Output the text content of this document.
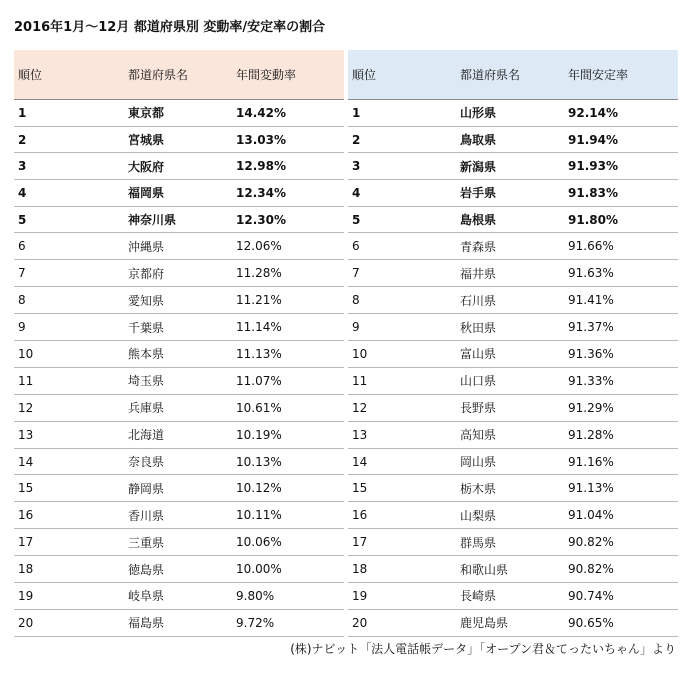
2016年1月〜12月 都道府県別 変動率/安定率の割合
順位	都道府県名	年間変動率	順位	都道府県名	年間安定率
1	東京都	14.42%	1	山形県	92.14%
2	宮城県	13.03%	2	鳥取県	91.94%
3	大阪府	12.98%	3	新潟県	91.93%
4	福岡県	12.34%	4	岩手県	91.83%
5	神奈川県	12.30%	5	島根県	91.80%
6	沖縄県	12.06%	6	青森県	91.66%
7	京都府	11.28%	7	福井県	91.63%
8	愛知県	11.21%	8	石川県	91.41%
9	千葉県	11.14%	9	秋田県	91.37%
10	熊本県	11.13%	10	富山県	91.36%
11	埼玉県	11.07%	11	山口県	91.33%
12	兵庫県	10.61%	12	長野県	91.29%
13	北海道	10.19%	13	高知県	91.28%
14	奈良県	10.13%	14	岡山県	91.16%
15	静岡県	10.12%	15	栃木県	91.13%
16	香川県	10.11%	16	山梨県	91.04%
17	三重県	10.06%	17	群馬県	90.82%
18	徳島県	10.00%	18	和歌山県	90.82%
19	岐阜県	9.80%	19	長崎県	90.74%
20	福島県	9.72%	20	鹿児島県	90.65%
(株)ナビット「法人電話帳データ」「オープン君＆てったいちゃん」より
